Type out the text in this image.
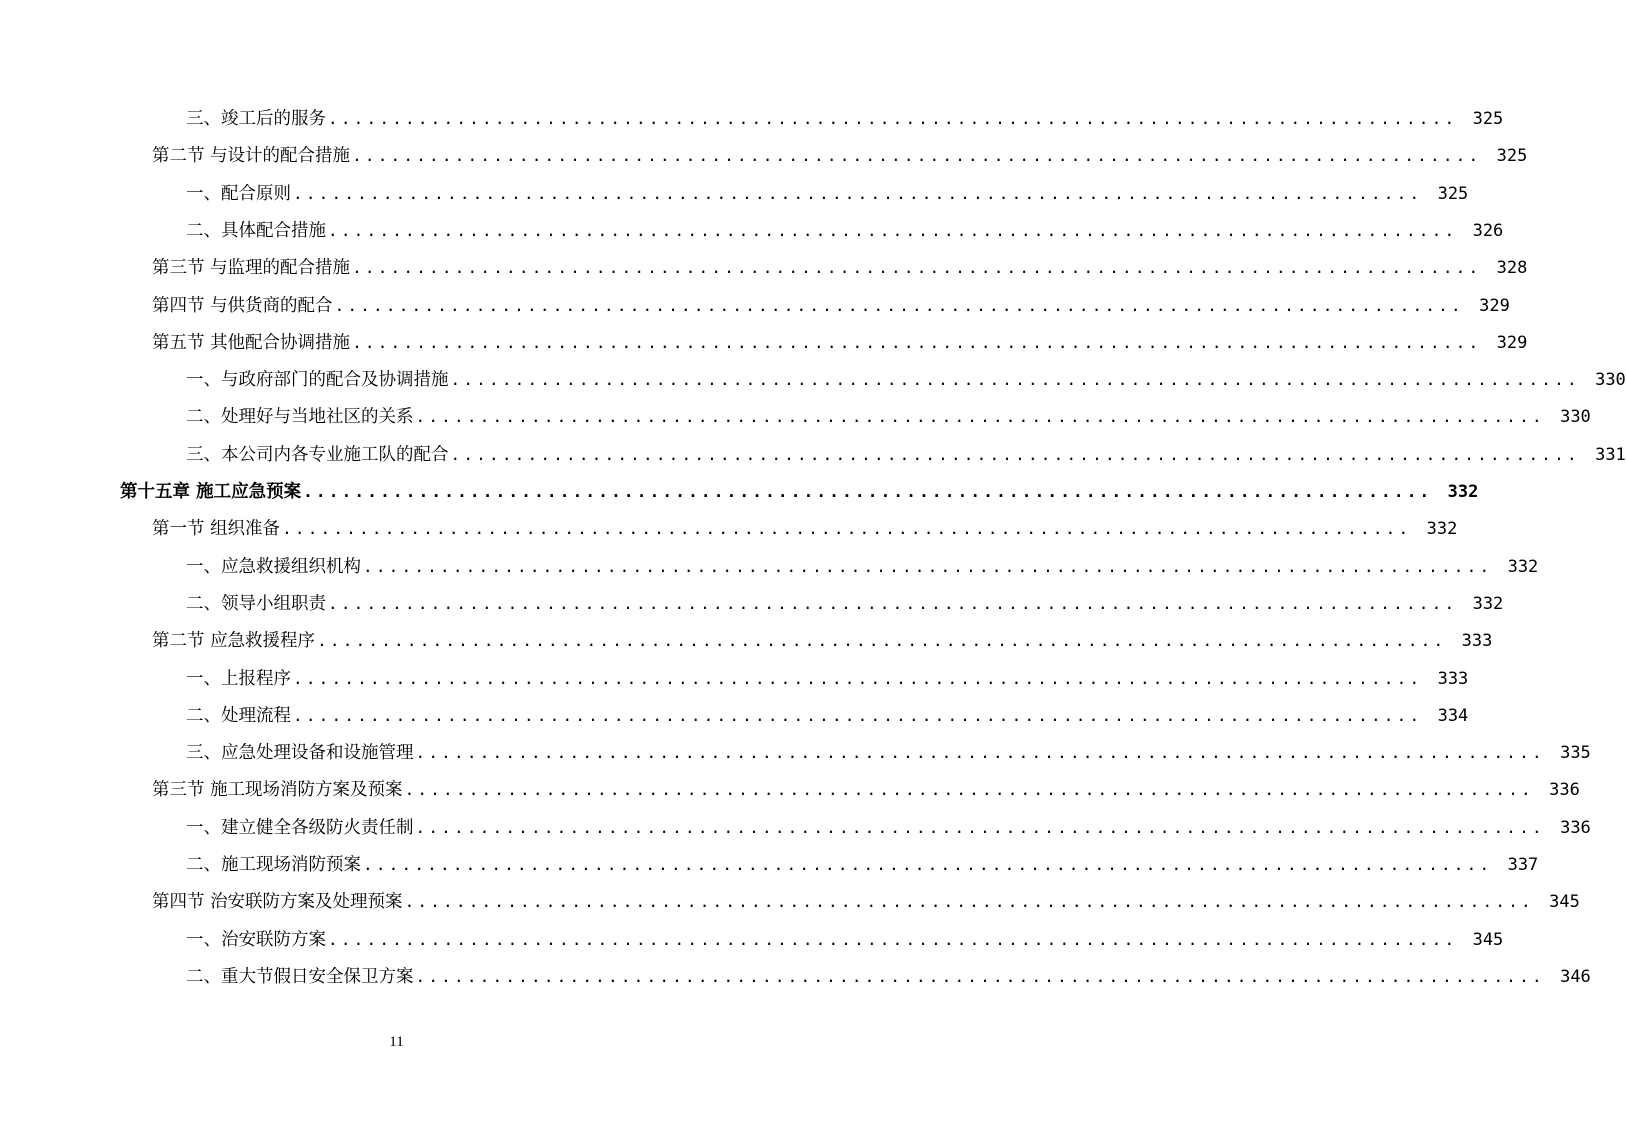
三、竣工后的服务 ........................................................................................ 325
第二节 与设计的配合措施 ........................................................................................ 325
一、配合原则 ........................................................................................ 325
二、具体配合措施 ........................................................................................ 326
第三节 与监理的配合措施 ........................................................................................ 328
第四节 与供货商的配合 ........................................................................................ 329
第五节 其他配合协调措施 ........................................................................................ 329
一、与政府部门的配合及协调措施 ........................................................................................ 330
二、处理好与当地社区的关系 ........................................................................................ 330
三、本公司内各专业施工队的配合 ........................................................................................ 331
第十五章 施工应急预案 ........................................................................................ 332
第一节 组织准备 ........................................................................................ 332
一、应急救援组织机构 ........................................................................................ 332
二、领导小组职责 ........................................................................................ 332
第二节 应急救援程序 ........................................................................................ 333
一、上报程序 ........................................................................................ 333
二、处理流程 ........................................................................................ 334
三、应急处理设备和设施管理 ........................................................................................ 335
第三节 施工现场消防方案及预案 ........................................................................................ 336
一、建立健全各级防火责任制 ........................................................................................ 336
二、施工现场消防预案 ........................................................................................ 337
第四节 治安联防方案及处理预案 ........................................................................................ 345
一、治安联防方案 ........................................................................................ 345
二、重大节假日安全保卫方案 ........................................................................................ 346
11
